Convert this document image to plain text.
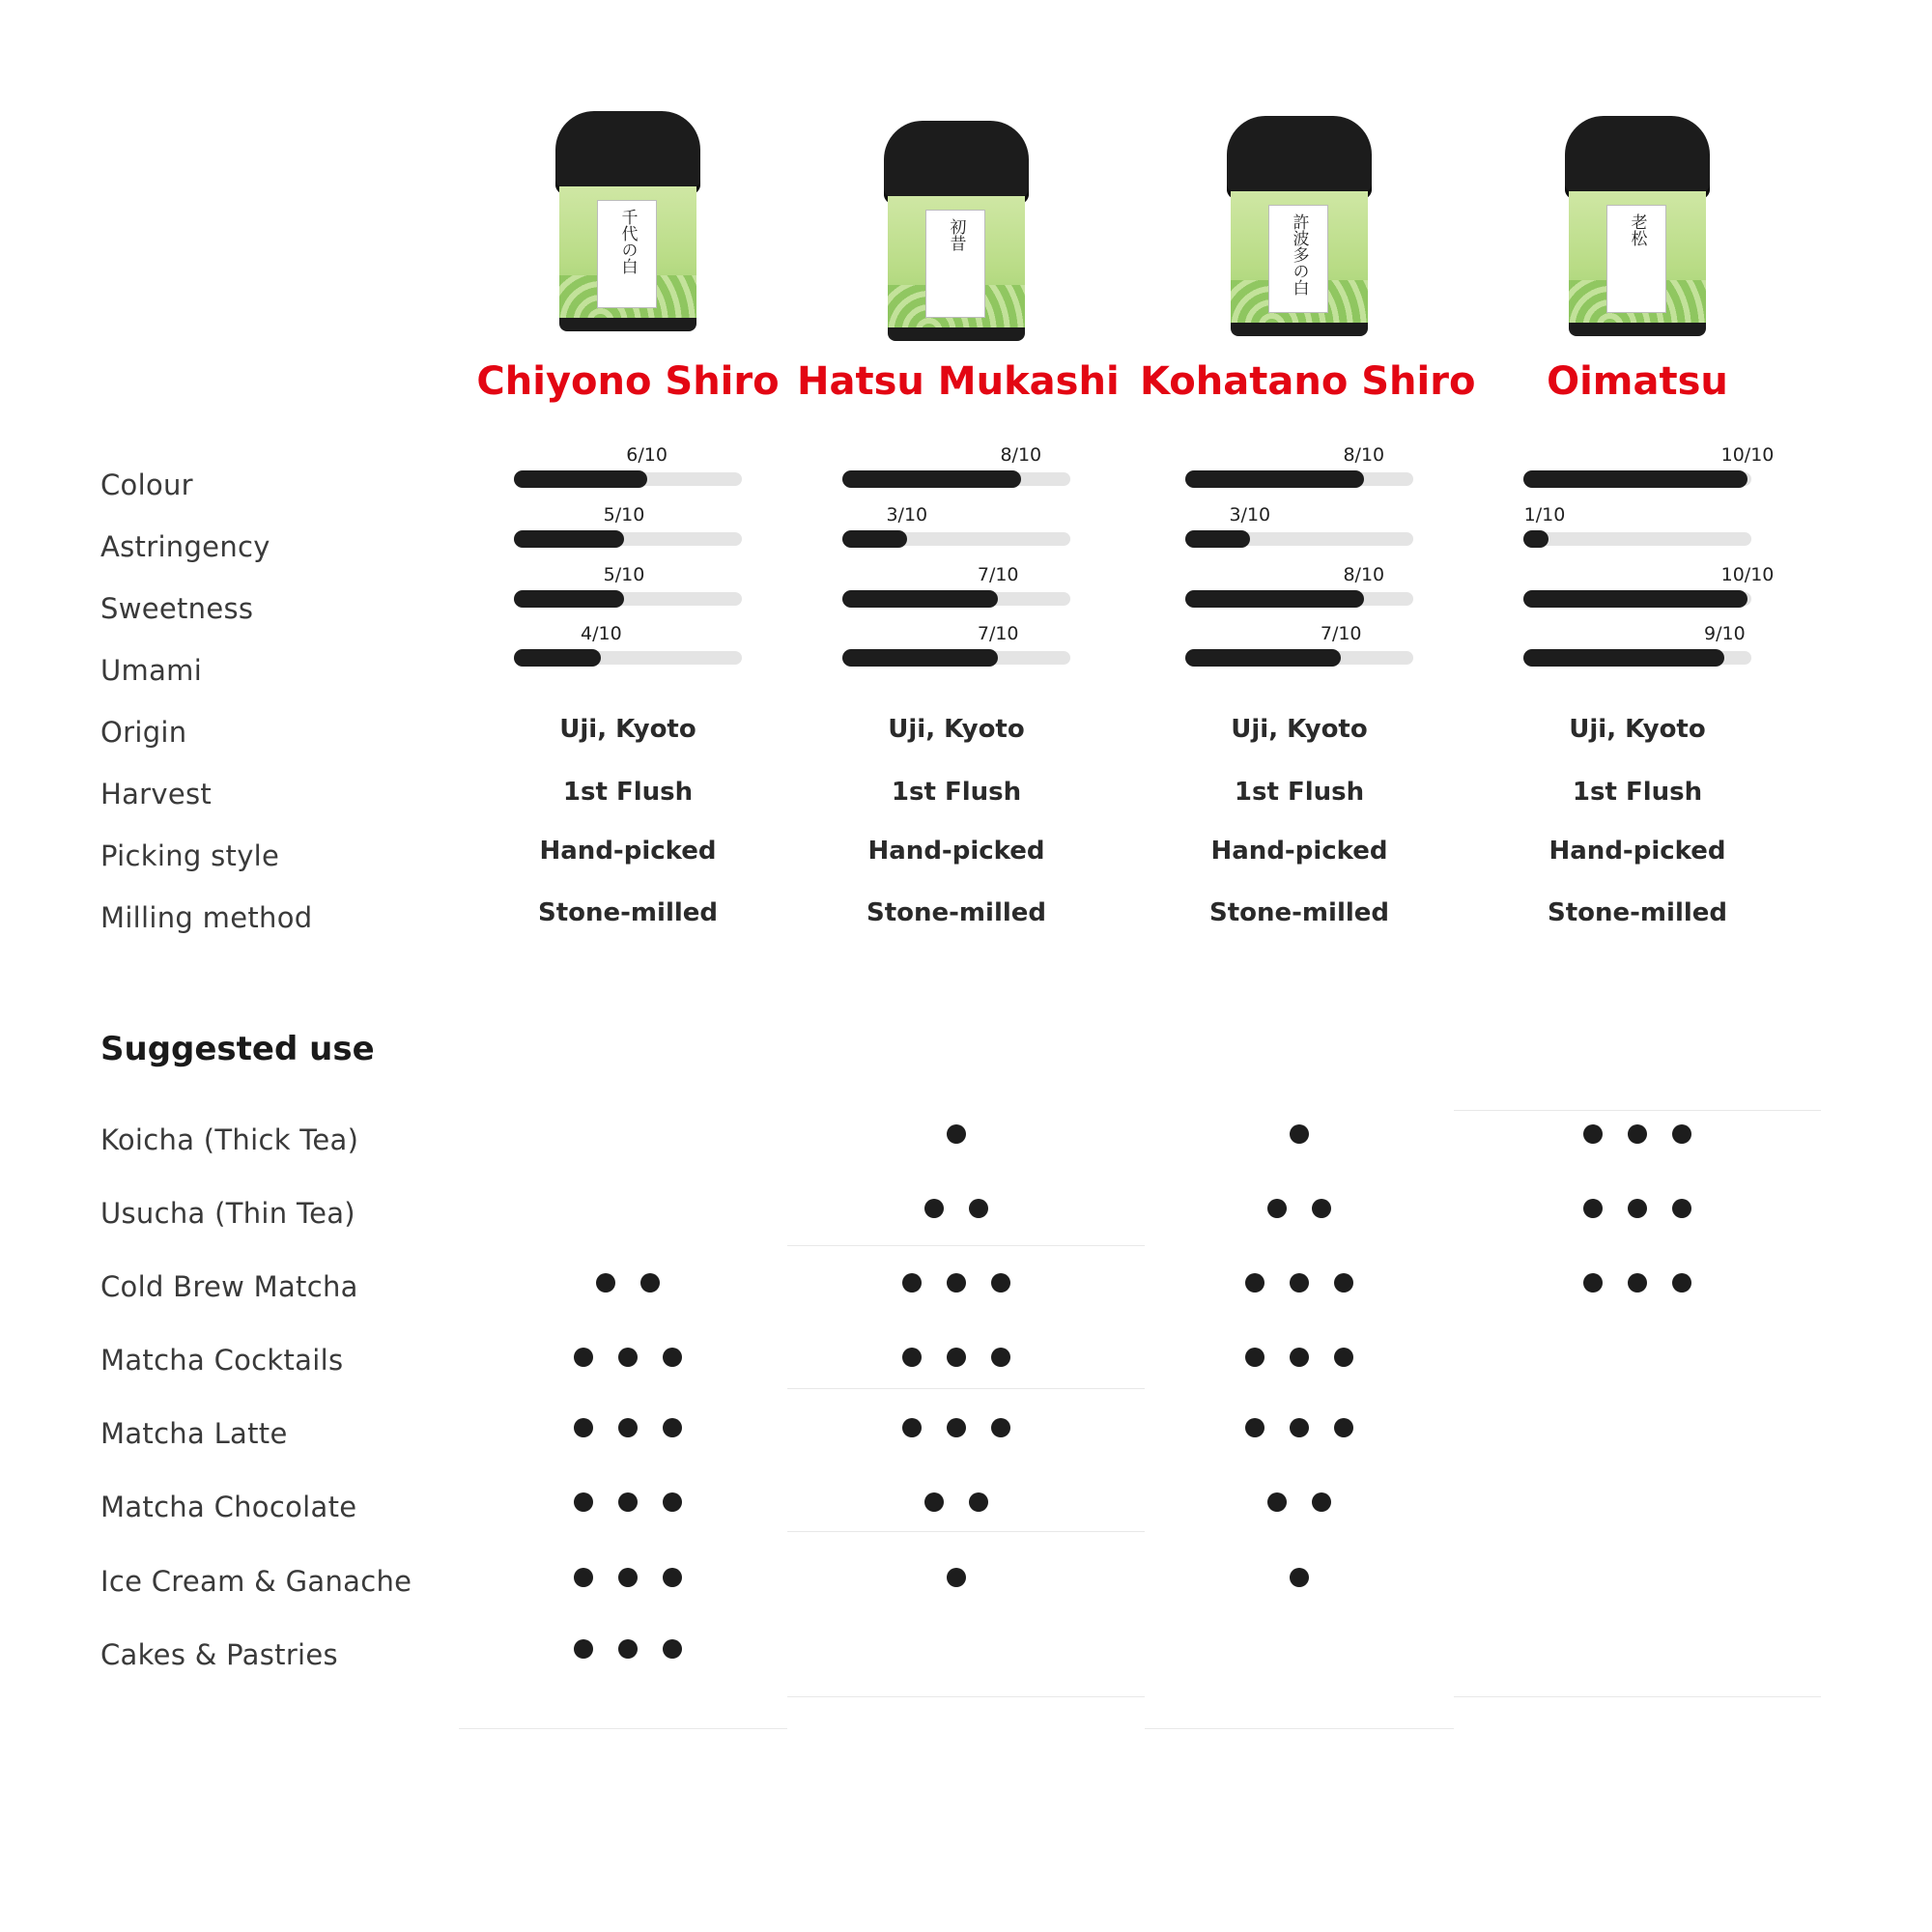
Colour
Astringency
Sweetness
Umami
Origin
Harvest
Picking style
Milling method
Suggested use
Koicha (Thick Tea)
Usucha (Thin Tea)
Cold Brew Matcha
Matcha Cocktails
Matcha Latte
Matcha Chocolate
Ice Cream & Ganache
Cakes & Pastries
千代の白
Chiyono Shiro
6/10
5/10
5/10
4/10
Uji, Kyoto
1st Flush
Hand-picked
Stone-milled
初昔
Hatsu Mukashi
8/10
3/10
7/10
7/10
Uji, Kyoto
1st Flush
Hand-picked
Stone-milled
許波多の白
Kohatano Shiro
8/10
3/10
8/10
7/10
Uji, Kyoto
1st Flush
Hand-picked
Stone-milled
老松
Oimatsu
10/10
1/10
10/10
9/10
Uji, Kyoto
1st Flush
Hand-picked
Stone-milled
